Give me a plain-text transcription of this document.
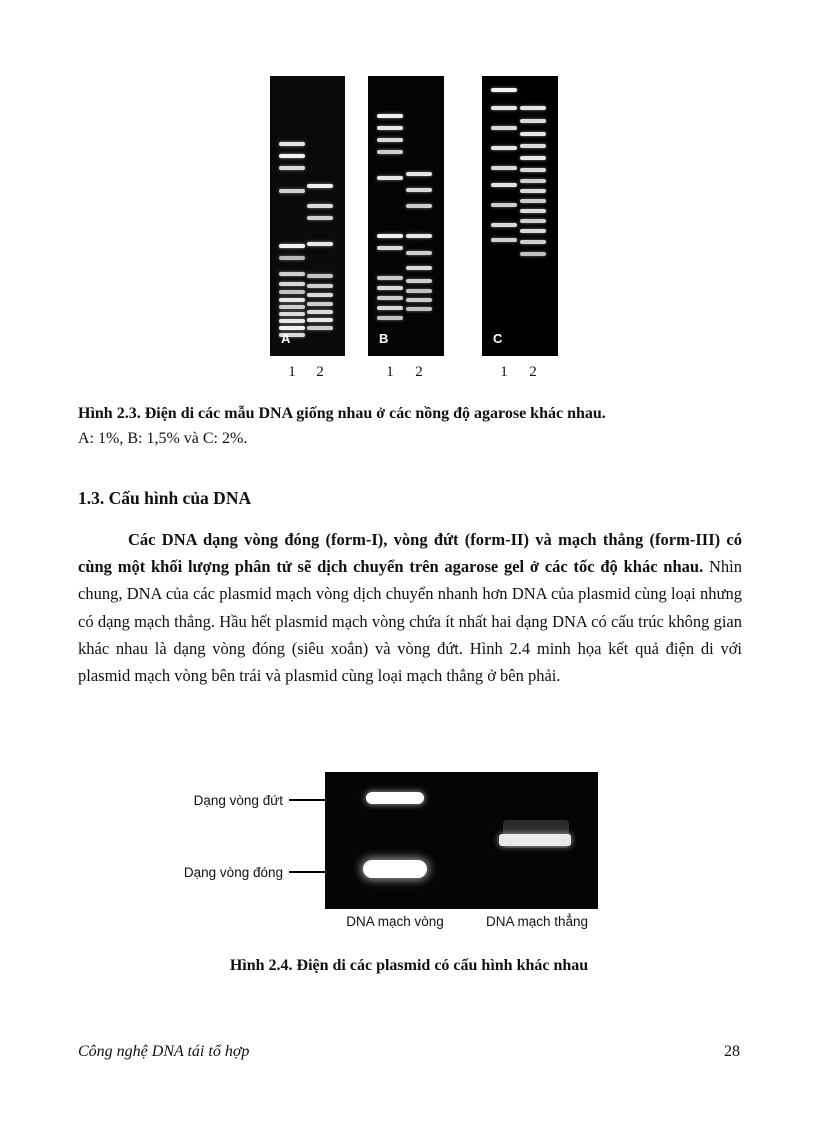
A
1 2
B
1 2
C
1 2
Hình 2.3. Điện di các mẫu DNA giống nhau ở các nồng độ agarose khác nhau.
A: 1%, B: 1,5% và C: 2%.
1.3. Cấu hình của DNA

Các DNA dạng vòng đóng (form-I), vòng đứt (form-II) và mạch thẳng (form-III) có cùng một khối lượng phân tử sẽ dịch chuyển trên agarose gel ở các tốc độ khác nhau. Nhìn chung, DNA của các plasmid mạch vòng dịch chuyển nhanh hơn DNA của plasmid cùng loại nhưng có dạng mạch thẳng. Hầu hết plasmid mạch vòng chứa ít nhất hai dạng DNA có cấu trúc không gian khác nhau là dạng vòng đóng (siêu xoắn) và vòng đứt. Hình 2.4 minh họa kết quả điện di với plasmid mạch vòng bên trái và plasmid cùng loại mạch thẳng ở bên phải.

Dạng vòng đứt
Dạng vòng đóng
DNA mạch vòng	DNA mạch thẳng
Hình 2.4. Điện di các plasmid có cấu hình khác nhau
Công nghệ DNA tái tổ hợp	28
